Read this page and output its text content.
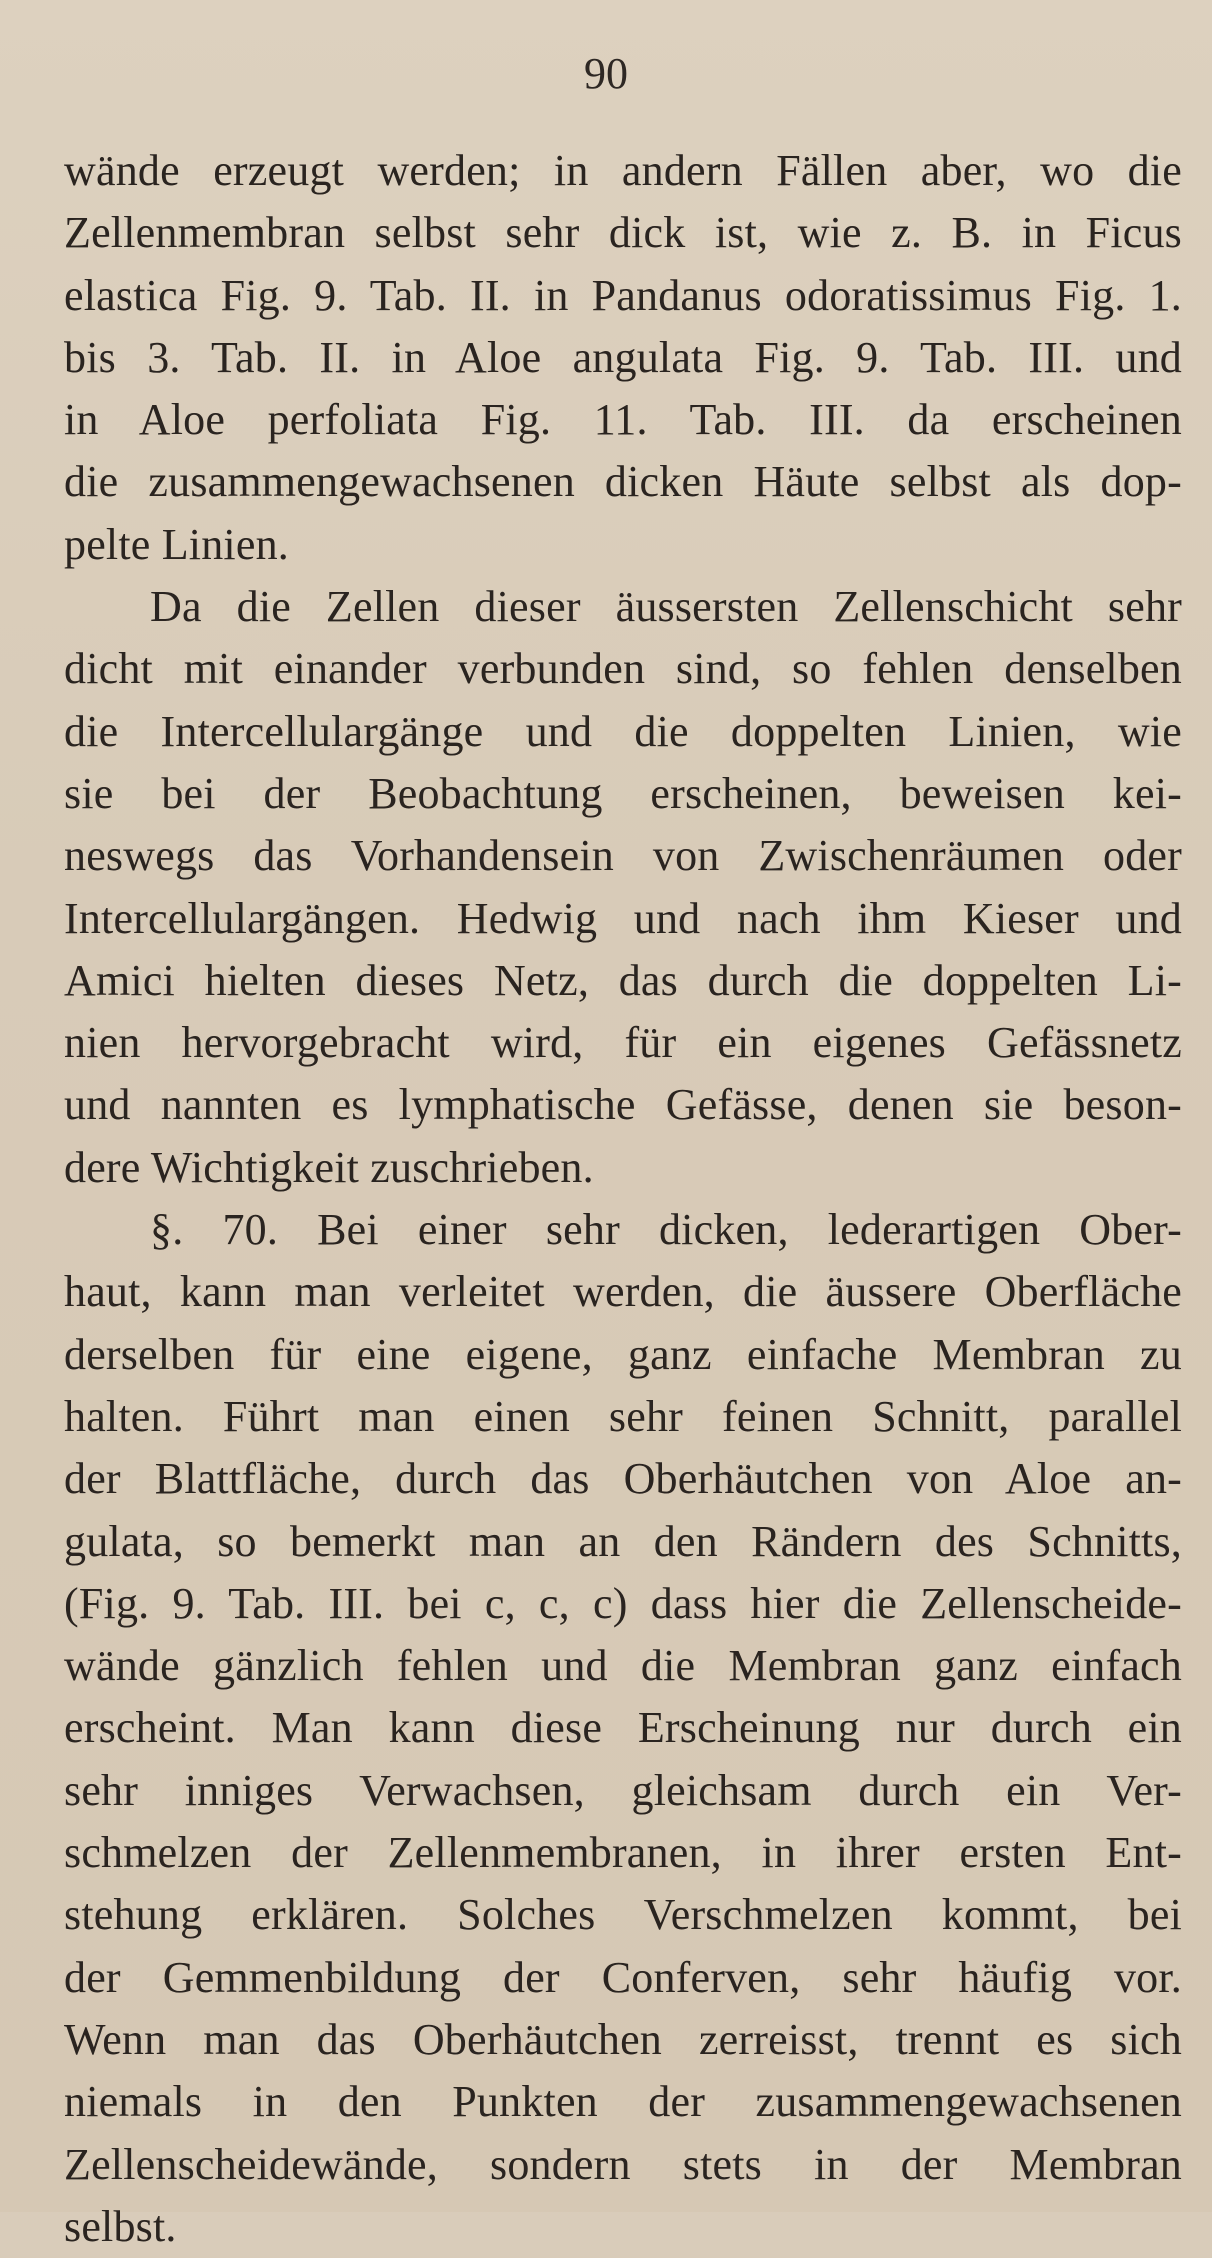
90
wände erzeugt werden; in andern Fällen aber, wo die
Zellenmembran selbst sehr dick ist, wie z. B. in Ficus
elastica Fig. 9. Tab. II. in Pandanus odoratissimus Fig. 1.
bis 3. Tab. II. in Aloe angulata Fig. 9. Tab. III. und
in Aloe perfoliata Fig. 11. Tab. III. da erscheinen
die zusammengewachsenen dicken Häute selbst als dop-
pelte Linien.
Da die Zellen dieser äussersten Zellenschicht sehr
dicht mit einander verbunden sind, so fehlen denselben
die Intercellulargänge und die doppelten Linien, wie
sie bei der Beobachtung erscheinen, beweisen kei-
neswegs das Vorhandensein von Zwischenräumen oder
Intercellulargängen. Hedwig und nach ihm Kieser und
Amici hielten dieses Netz, das durch die doppelten Li-
nien hervorgebracht wird, für ein eigenes Gefässnetz
und nannten es lymphatische Gefässe, denen sie beson-
dere Wichtigkeit zuschrieben.
§. 70. Bei einer sehr dicken, lederartigen Ober-
haut, kann man verleitet werden, die äussere Oberfläche
derselben für eine eigene, ganz einfache Membran zu
halten. Führt man einen sehr feinen Schnitt, parallel
der Blattfläche, durch das Oberhäutchen von Aloe an-
gulata, so bemerkt man an den Rändern des Schnitts,
(Fig. 9. Tab. III. bei c, c, c) dass hier die Zellenscheide-
wände gänzlich fehlen und die Membran ganz einfach
erscheint. Man kann diese Erscheinung nur durch ein
sehr inniges Verwachsen, gleichsam durch ein Ver-
schmelzen der Zellenmembranen, in ihrer ersten Ent-
stehung erklären. Solches Verschmelzen kommt, bei
der Gemmenbildung der Conferven, sehr häufig vor.
Wenn man das Oberhäutchen zerreisst, trennt es sich
niemals in den Punkten der zusammengewachsenen
Zellenscheidewände, sondern stets in der Membran
selbst.
